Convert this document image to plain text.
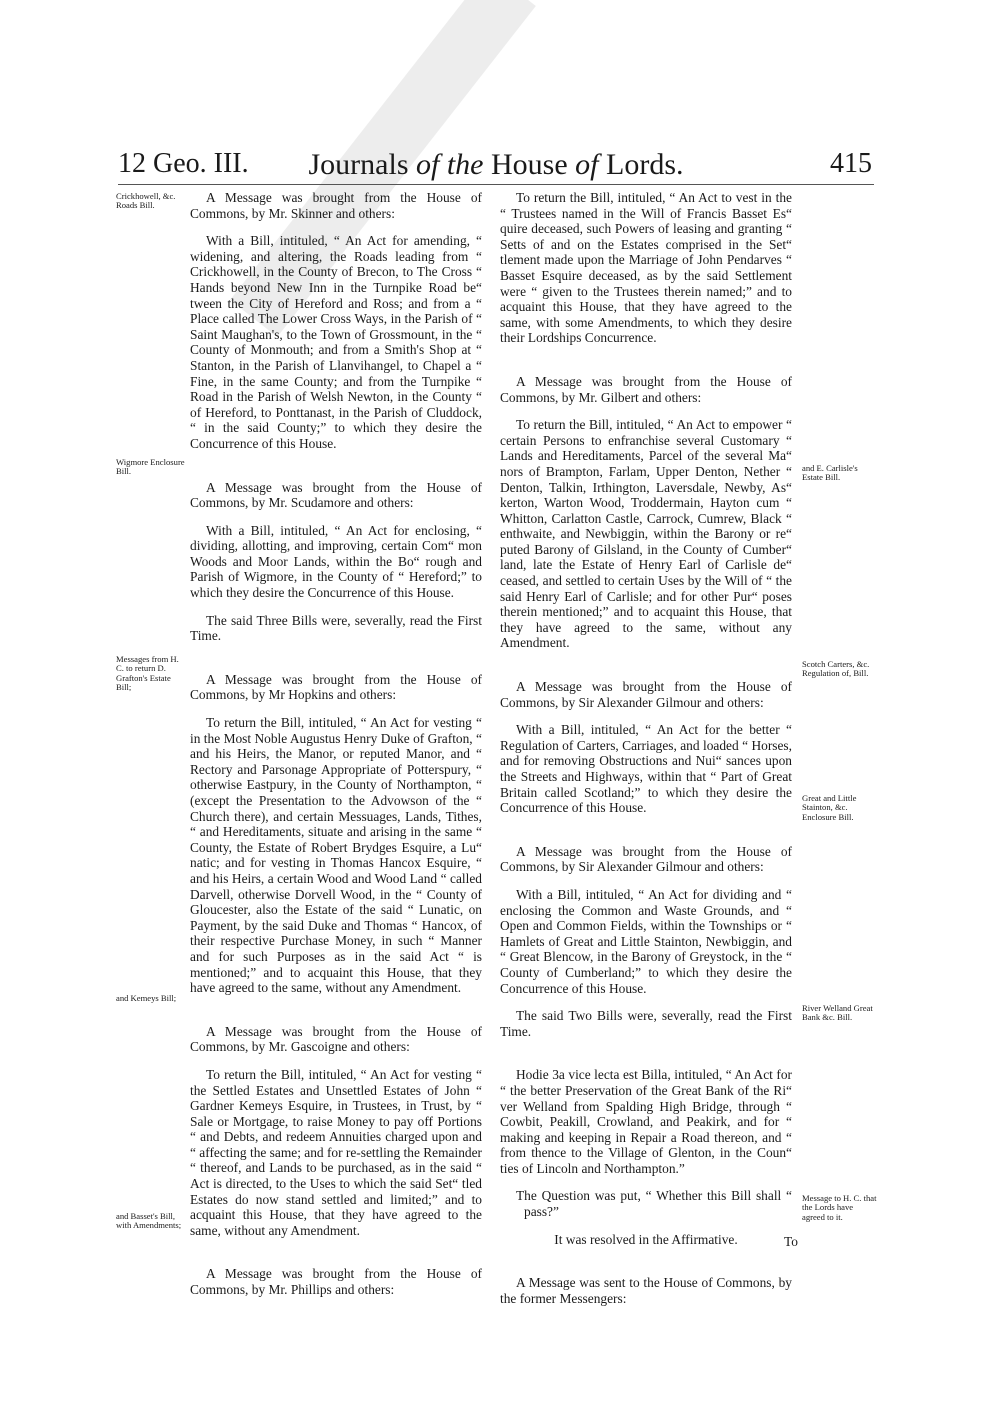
12 Geo. III.	Journals of the House of Lords.	415
Crickhowell, &c. Roads Bill.
Wigmore Enclosure Bill.
Messages from H. C. to return D. Grafton's Estate Bill;
and Kemeys Bill;
and Basset's Bill, with Amendments;
and E. Carlisle's Estate Bill.
Scotch Carters, &c. Regulation of, Bill.
Great and Little Stainton, &c. Enclosure Bill.
River Welland Great Bank &c. Bill.
Message to H. C. that the Lords have agreed to it.

A Message was brought from the House of Commons, by Mr. Skinner and others:

With a Bill, intituled, “ An Act for amending, “ widening, and altering, the Roads leading from “ Crickhowell, in the County of Brecon, to The Cross “ Hands beyond New Inn in the Turnpike Road be“ tween the City of Hereford and Ross; and from a “ Place called The Lower Cross Ways, in the Parish of “ Saint Maughan's, to the Town of Grossmount, in the “ County of Monmouth; and from a Smith's Shop at “ Stanton, in the Parish of Llanvihangel, to Chapel a “ Fine, in the same County; and from the Turnpike “ Road in the Parish of Welsh Newton, in the County “ of Hereford, to Ponttanast, in the Parish of Cluddock, “ in the said County;” to which they desire the Concurrence of this House.

A Message was brought from the House of Commons, by Mr. Scudamore and others:

With a Bill, intituled, “ An Act for enclosing, “ dividing, allotting, and improving, certain Com“ mon Woods and Moor Lands, within the Bo“ rough and Parish of Wigmore, in the County of “ Hereford;” to which they desire the Concurrence of this House.

The said Three Bills were, severally, read the First Time.

A Message was brought from the House of Commons, by Mr Hopkins and others:

To return the Bill, intituled, “ An Act for vesting “ in the Most Noble Augustus Henry Duke of Grafton, “ and his Heirs, the Manor, or reputed Manor, and “ Rectory and Parsonage Appropriate of Potterspury, “ otherwise Eastpury, in the County of Northampton, “ (except the Presentation to the Advowson of the “ Church there), and certain Messuages, Lands, Tithes, “ and Hereditaments, situate and arising in the same “ County, the Estate of Robert Brydges Esquire, a Lu“ natic; and for vesting in Thomas Hancox Esquire, “ and his Heirs, a certain Wood and Wood Land “ called Darvell, otherwise Dorvell Wood, in the “ County of Gloucester, also the Estate of the said “ Lunatic, on Payment, by the said Duke and Thomas “ Hancox, of their respective Purchase Money, in such “ Manner and for such Purposes as in the said Act “ is mentioned;” and to acquaint this House, that they have agreed to the same, without any Amendment.

A Message was brought from the House of Commons, by Mr. Gascoigne and others:

To return the Bill, intituled, “ An Act for vesting “ the Settled Estates and Unsettled Estates of John “ Gardner Kemeys Esquire, in Trustees, in Trust, by “ Sale or Mortgage, to raise Money to pay off Portions “ and Debts, and redeem Annuities charged upon and “ affecting the same; and for re-settling the Remainder “ thereof, and Lands to be purchased, as in the said “ Act is directed, to the Uses to which the said Set“ tled Estates do now stand settled and limited;” and to acquaint this House, that they have agreed to the same, without any Amendment.

A Message was brought from the House of Commons, by Mr. Phillips and others:

To return the Bill, intituled, “ An Act to vest in the “ Trustees named in the Will of Francis Basset Es“ quire deceased, such Powers of leasing and granting “ Setts of and on the Estates comprised in the Set“ tlement made upon the Marriage of John Pendarves “ Basset Esquire deceased, as by the said Settlement were “ given to the Trustees therein named;” and to acquaint this House, that they have agreed to the same, with some Amendments, to which they desire their Lordships Concurrence.

A Message was brought from the House of Commons, by Mr. Gilbert and others:

To return the Bill, intituled, “ An Act to empower “ certain Persons to enfranchise several Customary “ Lands and Hereditaments, Parcel of the several Ma“ nors of Brampton, Farlam, Upper Denton, Nether “ Denton, Talkin, Irthington, Laversdale, Newby, As“ kerton, Warton Wood, Troddermain, Hayton cum “ Whitton, Carlatton Castle, Carrock, Cumrew, Black “ enthwaite, and Newbiggin, within the Barony or re“ puted Barony of Gilsland, in the County of Cumber“ land, late the Estate of Henry Earl of Carlisle de“ ceased, and settled to certain Uses by the Will of “ the said Henry Earl of Carlisle; and for other Pur“ poses therein mentioned;” and to acquaint this House, that they have agreed to the same, without any Amendment.

A Message was brought from the House of Commons, by Sir Alexander Gilmour and others:

With a Bill, intituled, “ An Act for the better “ Regulation of Carters, Carriages, and loaded “ Horses, and for removing Obstructions and Nui“ sances upon the Streets and Highways, within that “ Part of Great Britain called Scotland;” to which they desire the Concurrence of this House.

A Message was brought from the House of Commons, by Sir Alexander Gilmour and others:

With a Bill, intituled, “ An Act for dividing and “ enclosing the Common and Waste Grounds, and “ Open and Common Fields, within the Townships or “ Hamlets of Great and Little Stainton, Newbiggin, and “ Great Blencow, in the Barony of Greystock, in the “ County of Cumberland;” to which they desire the Concurrence of this House.

The said Two Bills were, severally, read the First Time.

Hodie 3a vice lecta est Billa, intituled, “ An Act for “ the better Preservation of the Great Bank of the Ri“ ver Welland from Spalding High Bridge, through “ Cowbit, Peakill, Crowland, and Peakirk, and for “ making and keeping in Repair a Road thereon, and “ from thence to the Village of Glenton, in the Coun“ ties of Lincoln and Northampton.”

The Question was put, “ Whether this Bill shall “ pass?”

It was resolved in the Affirmative.

A Message was sent to the House of Commons, by the former Messengers:

To
